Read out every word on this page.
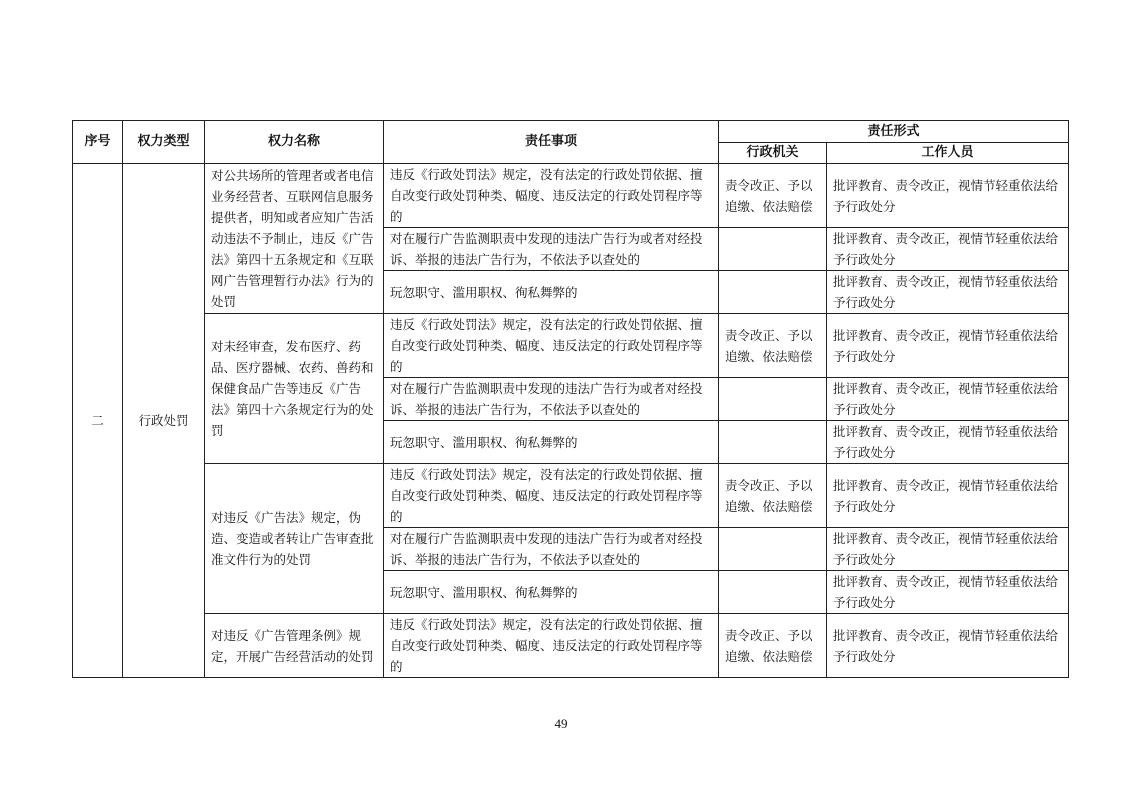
序号	权力类型	权力名称	责任事项	责任形式	
				行政机关	工作人员
二	行政处罚	对公共场所的管理者或者电信业务经营者、互联网信息服务提供者，明知或者应知广告活动违法不予制止，违反《广告法》第四十五条规定和《互联网广告管理暂行办法》行为的处罚	违反《行政处罚法》规定，没有法定的行政处罚依据、擅自改变行政处罚种类、幅度、违反法定的行政处罚程序等的	责令改正、予以追缴、依法赔偿	批评教育、责令改正，视情节轻重依法给予行政处分
			对在履行广告监测职责中发现的违法广告行为或者对经投诉、举报的违法广告行为，不依法予以查处的		批评教育、责令改正，视情节轻重依法给予行政处分
			玩忽职守、滥用职权、徇私舞弊的		批评教育、责令改正，视情节轻重依法给予行政处分
		对未经审查，发布医疗、药品、医疗器械、农药、兽药和保健食品广告等违反《广告法》第四十六条规定行为的处罚	违反《行政处罚法》规定，没有法定的行政处罚依据、擅自改变行政处罚种类、幅度、违反法定的行政处罚程序等的	责令改正、予以追缴、依法赔偿	批评教育、责令改正，视情节轻重依法给予行政处分
			对在履行广告监测职责中发现的违法广告行为或者对经投诉、举报的违法广告行为，不依法予以查处的		批评教育、责令改正，视情节轻重依法给予行政处分
			玩忽职守、滥用职权、徇私舞弊的		批评教育、责令改正，视情节轻重依法给予行政处分
		对违反《广告法》规定，伪造、变造或者转让广告审查批准文件行为的处罚	违反《行政处罚法》规定，没有法定的行政处罚依据、擅自改变行政处罚种类、幅度、违反法定的行政处罚程序等的	责令改正、予以追缴、依法赔偿	批评教育、责令改正，视情节轻重依法给予行政处分
			对在履行广告监测职责中发现的违法广告行为或者对经投诉、举报的违法广告行为，不依法予以查处的		批评教育、责令改正，视情节轻重依法给予行政处分
			玩忽职守、滥用职权、徇私舞弊的		批评教育、责令改正，视情节轻重依法给予行政处分
		对违反《广告管理条例》规定，开展广告经营活动的处罚	违反《行政处罚法》规定，没有法定的行政处罚依据、擅自改变行政处罚种类、幅度、违反法定的行政处罚程序等的	责令改正、予以追缴、依法赔偿	批评教育、责令改正，视情节轻重依法给予行政处分
49
